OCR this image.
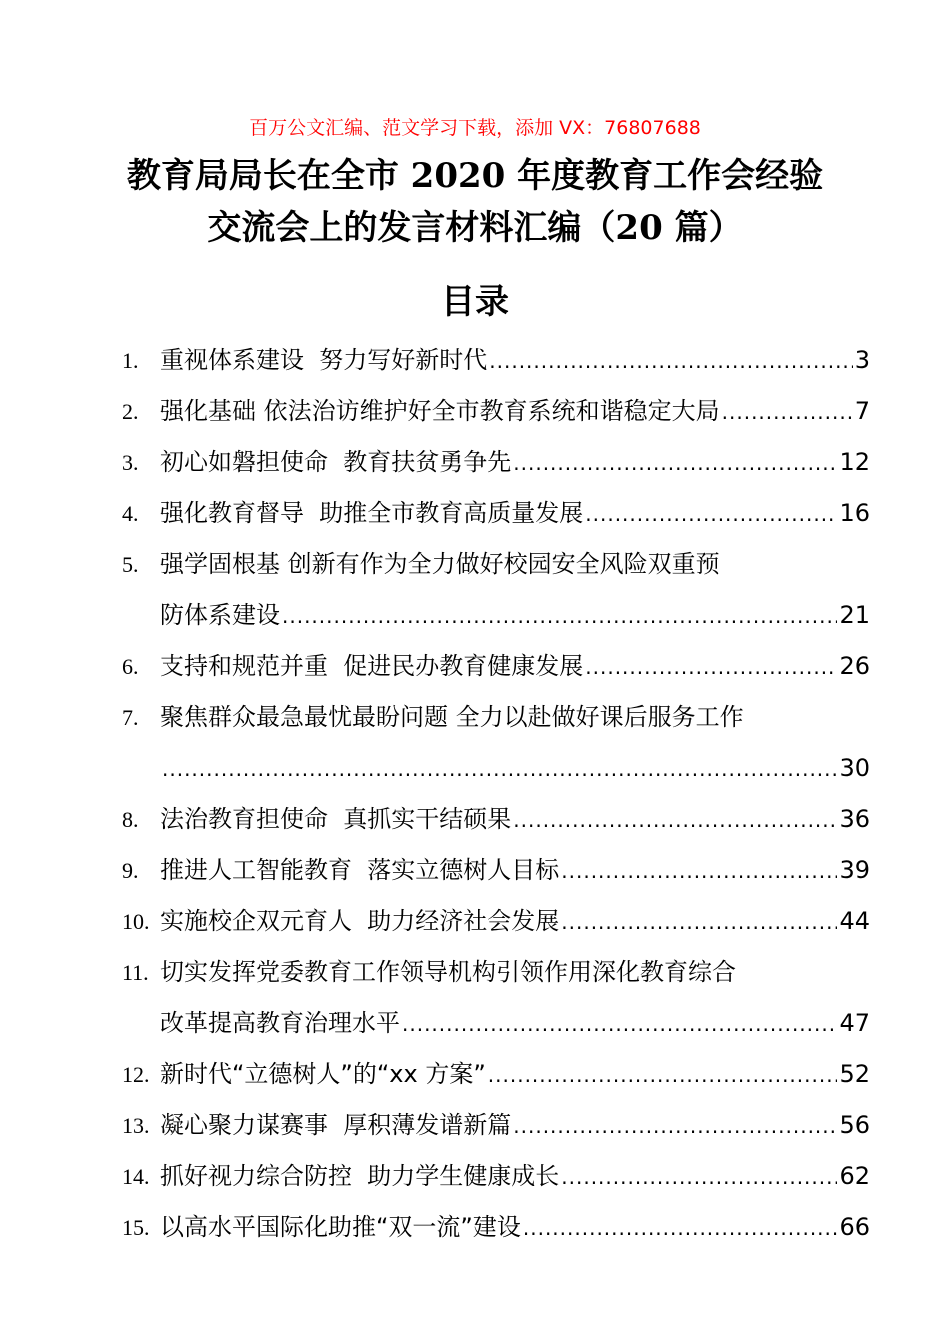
百万公文汇编、范文学习下载，添加 VX：76807688
教育局局长在全市 2020 年度教育工作会经验
交流会上的发言材料汇编（20 篇）
目录
1. 重视体系建设  努力写好新时代 .....	3
2. 强化基础 依法治访维护好全市教育系统和谐稳定大局 .....	7
3. 初心如磐担使命  教育扶贫勇争先 .....	12
4. 强化教育督导  助推全市教育高质量发展 .....	16
5. 强学固根基 创新有作为全力做好校园安全风险双重预
防体系建设 .....	21
6. 支持和规范并重  促进民办教育健康发展 .....	26
7. 聚焦群众最急最忧最盼问题 全力以赴做好课后服务工作
.....
30
8. 法治教育担使命  真抓实干结硕果 .....	36
9. 推进人工智能教育  落实立德树人目标 .....	39
10. 实施校企双元育人  助力经济社会发展 .....	44
11. 切实发挥党委教育工作领导机构引领作用深化教育综合
改革提高教育治理水平 .....	47
12. 新时代“立德树人”的“xx 方案” .....	52
13. 凝心聚力谋赛事  厚积薄发谱新篇 .....	56
14. 抓好视力综合防控  助力学生健康成长 .....	62
15. 以高水平国际化助推“双一流”建设 .....	66
